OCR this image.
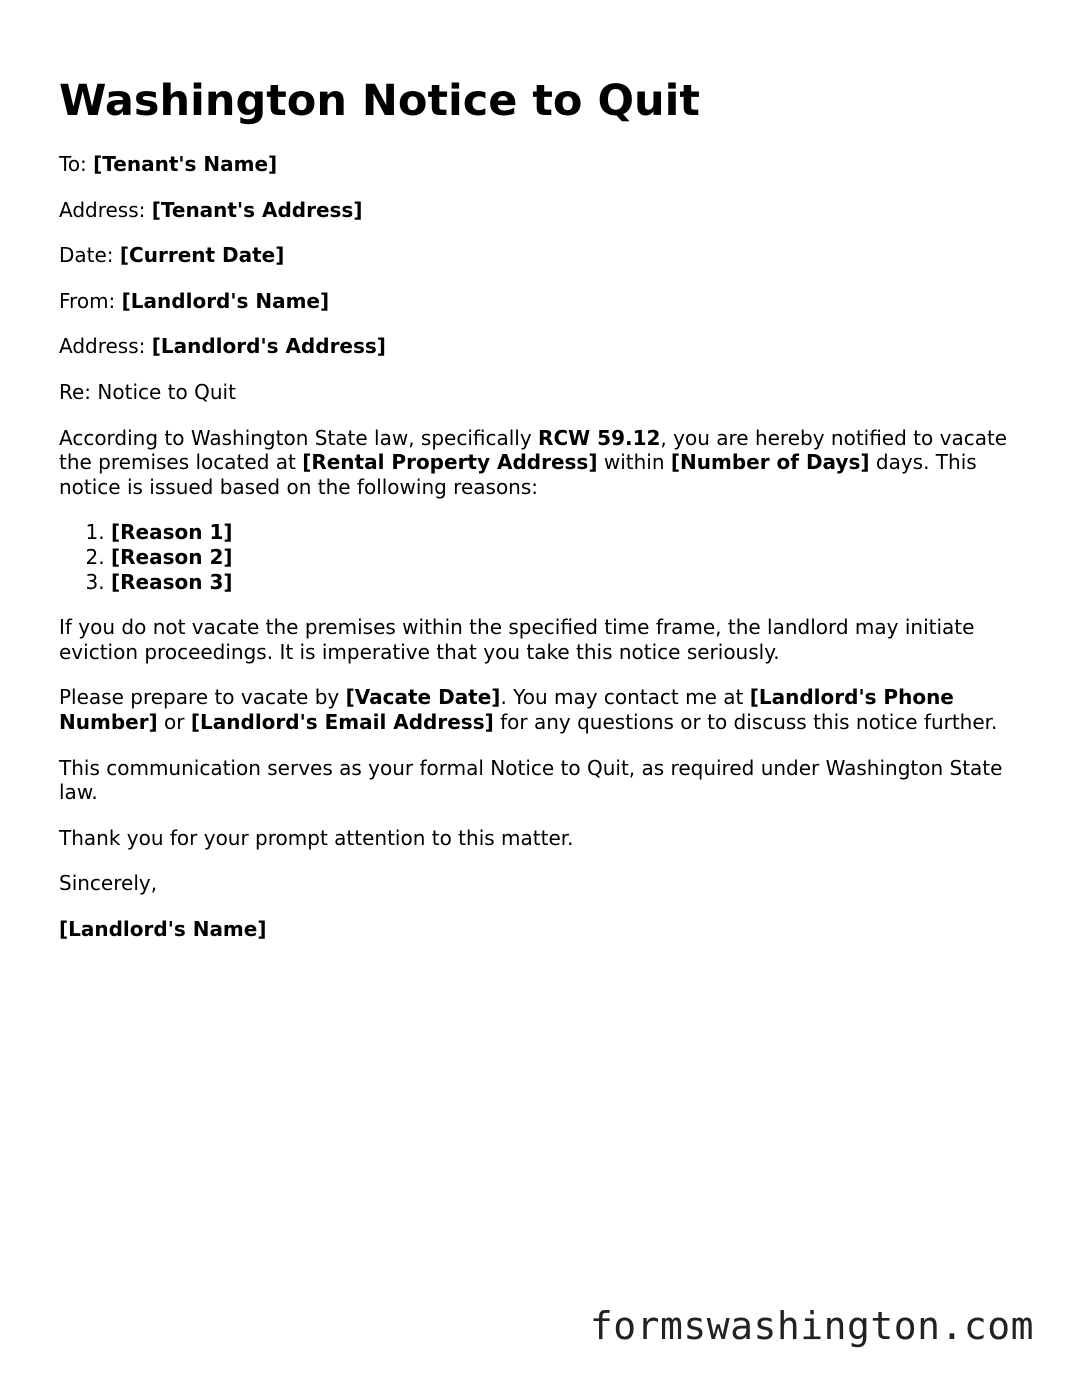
Washington Notice to Quit

To: [Tenant's Name]

Address: [Tenant's Address]

Date: [Current Date]

From: [Landlord's Name]

Address: [Landlord's Address]

Re: Notice to Quit

According to Washington State law, specifically RCW 59.12, you are hereby notified to vacate the premises located at [Rental Property Address] within [Number of Days] days. This notice is issued based on the following reasons:

1. [Reason 1]
2. [Reason 2]
3. [Reason 3]

If you do not vacate the premises within the specified time frame, the landlord may initiate eviction proceedings. It is imperative that you take this notice seriously.

Please prepare to vacate by [Vacate Date]. You may contact me at [Landlord's Phone Number] or [Landlord's Email Address] for any questions or to discuss this notice further.

This communication serves as your formal Notice to Quit, as required under Washington State law.

Thank you for your prompt attention to this matter.

Sincerely,

[Landlord's Name]

formswashington.com
